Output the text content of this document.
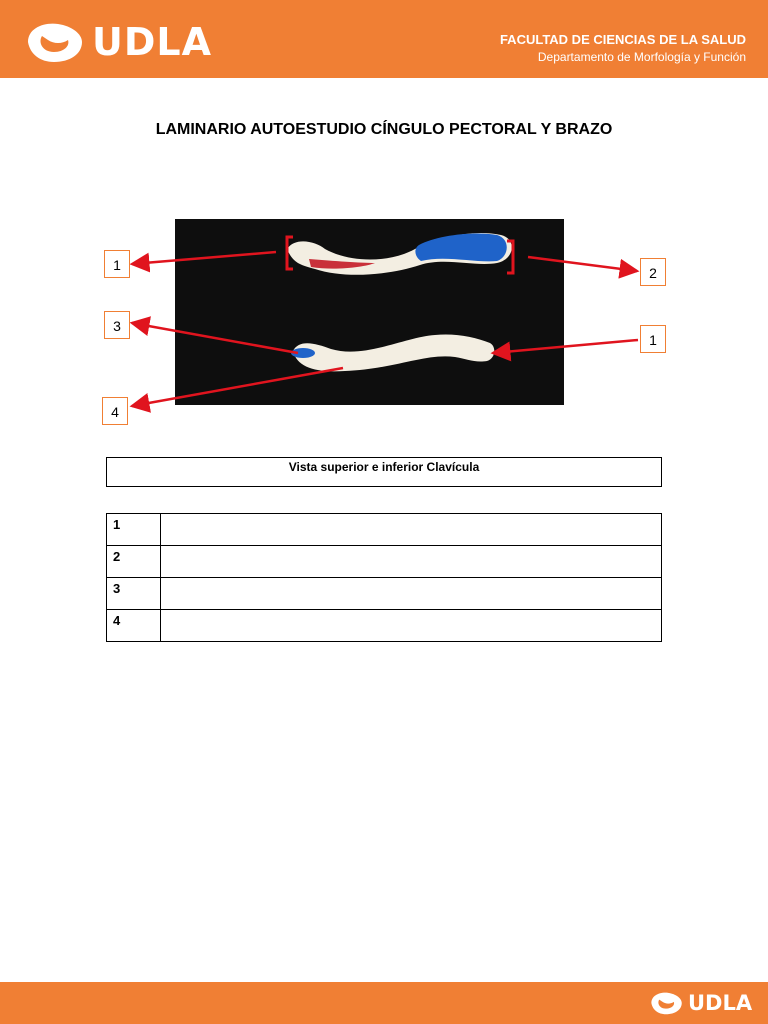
UDLA	FACULTAD DE CIENCIAS DE LA SALUD
Departamento de Morfología y Función
LAMINARIO AUTOESTUDIO CÍNGULO PECTORAL Y BRAZO
1	2
3
1
4
Vista superior e inferior Clavícula
1	
2	
3	
4	
UDLA
